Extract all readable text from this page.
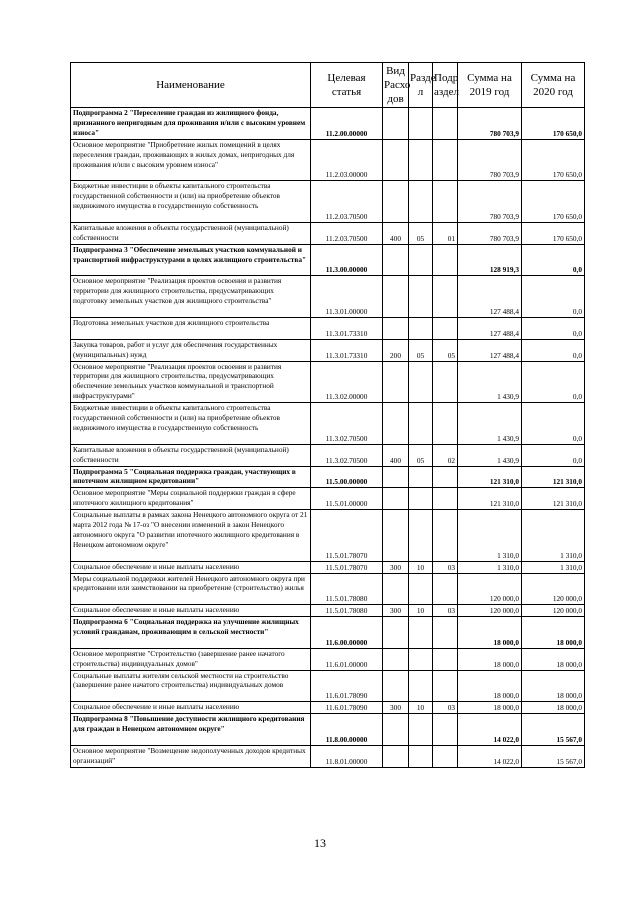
Наименование	Целевая статья	Вид Расхо дов	Разде л	Подр аздел	Сумма на 2019 год	Сумма на 2020 год
Подпрограмма 2 "Переселение граждан из жилищного фонда, признанного непригодным для проживания и/или с высоким уровнем износа"	11.2.00.00000				780 703,9	170 650,0
Основное мероприятие "Приобретение жилых помещений в целях переселения граждан, проживающих в жилых домах, непригодных для проживания и/или с высоким уровнем износа"	11.2.03.00000				780 703,9	170 650,0
Бюджетные инвестиции в объекты капитального строительства государственной собственности и (или) на приобретение объектов недвижимого имущества в государственную собственность	11.2.03.70500				780 703,9	170 650,0
Капитальные вложения в объекты государственной (муниципальной) собственности	11.2.03.70500	400	05	01	780 703,9	170 650,0
Подпрограмма 3 "Обеспечение земельных участков коммунальной и транспортной инфраструктурами в целях жилищного строительства"	11.3.00.00000				128 919,3	0,0
Основное мероприятие "Реализация проектов освоения и развития территории для жилищного строительства, предусматривающих подготовку земельных участков для жилищного строительства"	11.3.01.00000				127 488,4	0,0
Подготовка земельных участков для жилищного строительства	11.3.01.73310				127 488,4	0,0
Закупка товаров, работ и услуг для обеспечения государственных (муниципальных) нужд	11.3.01.73310	200	05	05	127 488,4	0,0
Основное мероприятие "Реализация проектов освоения и развития территории для жилищного строительства, предусматривающих обеспечение земельных участков коммунальной и транспортной инфраструктурами"	11.3.02.00000				1 430,9	0,0
Бюджетные инвестиции в объекты капитального строительства государственной собственности и (или) на приобретение объектов недвижимого имущества в государственную собственность	11.3.02.70500				1 430,9	0,0
Капитальные вложения в объекты государственной (муниципальной) собственности	11.3.02.70500	400	05	02	1 430,9	0,0
Подпрограмма 5 "Социальная поддержка граждан, участвующих в ипотечном жилищном кредитовании"	11.5.00.00000				121 310,0	121 310,0
Основное мероприятие "Меры социальной поддержки граждан в сфере ипотечного жилищного кредитования"	11.5.01.00000				121 310,0	121 310,0
Социальные выплаты в рамках закона Ненецкого автономного округа от 21 марта 2012 года № 17-оз "О внесении изменений в закон Ненецкого автономного округа "О развитии ипотечного жилищного кредитования в Ненецком автономном округе"	11.5.01.78070				1 310,0	1 310,0
Социальное обеспечение и иные выплаты населению	11.5.01.78070	300	10	03	1 310,0	1 310,0
Меры социальной поддержки жителей Ненецкого автономного округа при кредитовании или заимствовании на приобретение (строительство) жилья	11.5.01.78080				120 000,0	120 000,0
Социальное обеспечение и иные выплаты населению	11.5.01.78080	300	10	03	120 000,0	120 000,0
Подпрограмма 6 "Социальная поддержка на улучшение жилищных условий гражданам, проживающим в сельской местности"	11.6.00.00000				18 000,0	18 000,0
Основное мероприятие "Строительство (завершение ранее начатого строительства) индивидуальных домов"	11.6.01.00000				18 000,0	18 000,0
Социальные выплаты жителям сельской местности на строительство (завершение ранее начатого строительства) индивидуальных домов	11.6.01.78090				18 000,0	18 000,0
Социальное обеспечение и иные выплаты населению	11.6.01.78090	300	10	03	18 000,0	18 000,0
Подпрограмма 8 "Повышение доступности жилищного кредитования для граждан в Ненецком автономном округе"	11.8.00.00000				14 022,0	15 567,0
Основное мероприятие "Возмещение недополученных доходов кредитных организаций"	11.8.01.00000				14 022,0	15 567,0
13
